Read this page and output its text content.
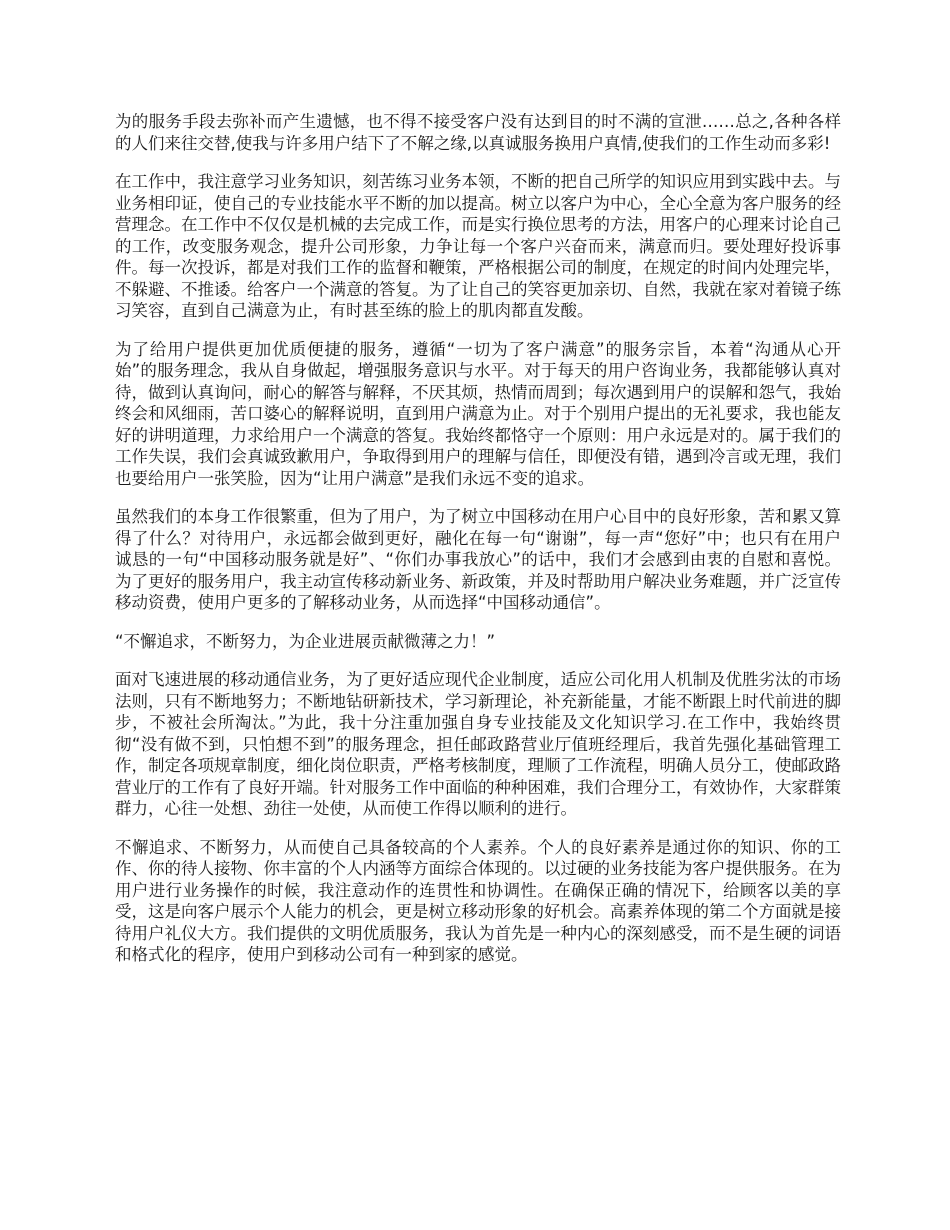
为的服务手段去弥补而产生遗憾，也不得不接受客户没有达到目的时不满的宣泄……总之,各种各样的人们来往交替,使我与许多用户结下了不解之缘,以真诚服务换用户真情,使我们的工作生动而多彩!

在工作中，我注意学习业务知识，刻苦练习业务本领，不断的把自己所学的知识应用到实践中去。与业务相印证，使自己的专业技能水平不断的加以提高。树立以客户为中心，全心全意为客户服务的经营理念。在工作中不仅仅是机械的去完成工作，而是实行换位思考的方法，用客户的心理来讨论自己的工作，改变服务观念，提升公司形象，力争让每一个客户兴奋而来，满意而归。要处理好投诉事件。每一次投诉，都是对我们工作的监督和鞭策，严格根据公司的制度，在规定的时间内处理完毕，不躲避、不推诿。给客户一个满意的答复。为了让自己的笑容更加亲切、自然，我就在家对着镜子练习笑容，直到自己满意为止，有时甚至练的脸上的肌肉都直发酸。

为了给用户提供更加优质便捷的服务，遵循“一切为了客户满意”的服务宗旨，本着“沟通从心开始”的服务理念，我从自身做起，增强服务意识与水平。对于每天的用户咨询业务，我都能够认真对待，做到认真询问，耐心的解答与解释，不厌其烦，热情而周到；每次遇到用户的误解和怨气，我始终会和风细雨，苦口婆心的解释说明，直到用户满意为止。对于个别用户提出的无礼要求，我也能友好的讲明道理，力求给用户一个满意的答复。我始终都恪守一个原则：用户永远是对的。属于我们的工作失误，我们会真诚致歉用户，争取得到用户的理解与信任，即便没有错，遇到冷言或无理，我们也要给用户一张笑脸，因为“让用户满意”是我们永远不变的追求。

虽然我们的本身工作很繁重，但为了用户，为了树立中国移动在用户心目中的良好形象，苦和累又算得了什么？对待用户，永远都会做到更好，融化在每一句“谢谢”，每一声“您好”中；也只有在用户诚恳的一句“中国移动服务就是好”、“你们办事我放心”的话中，我们才会感到由衷的自慰和喜悦。为了更好的服务用户，我主动宣传移动新业务、新政策，并及时帮助用户解决业务难题，并广泛宣传移动资费，使用户更多的了解移动业务，从而选择“中国移动通信”。

“不懈追求，不断努力，为企业进展贡献微薄之力！”

面对飞速进展的移动通信业务，为了更好适应现代企业制度，适应公司化用人机制及优胜劣汰的市场法则，只有不断地努力；不断地钻研新技术，学习新理论，补充新能量，才能不断跟上时代前进的脚步，不被社会所淘汰。”为此，我十分注重加强自身专业技能及文化知识学习.在工作中，我始终贯彻“没有做不到，只怕想不到”的服务理念，担任邮政路营业厅值班经理后，我首先强化基础管理工作，制定各项规章制度，细化岗位职责，严格考核制度，理顺了工作流程，明确人员分工，使邮政路营业厅的工作有了良好开端。针对服务工作中面临的种种困难，我们合理分工，有效协作，大家群策群力，心往一处想、劲往一处使，从而使工作得以顺利的进行。

不懈追求、不断努力，从而使自己具备较高的个人素养。个人的良好素养是通过你的知识、你的工作、你的待人接物、你丰富的个人内涵等方面综合体现的。以过硬的业务技能为客户提供服务。在为用户进行业务操作的时候，我注意动作的连贯性和协调性。在确保正确的情况下，给顾客以美的享受，这是向客户展示个人能力的机会，更是树立移动形象的好机会。高素养体现的第二个方面就是接待用户礼仪大方。我们提供的文明优质服务，我认为首先是一种内心的深刻感受，而不是生硬的词语和格式化的程序，使用户到移动公司有一种到家的感觉。
